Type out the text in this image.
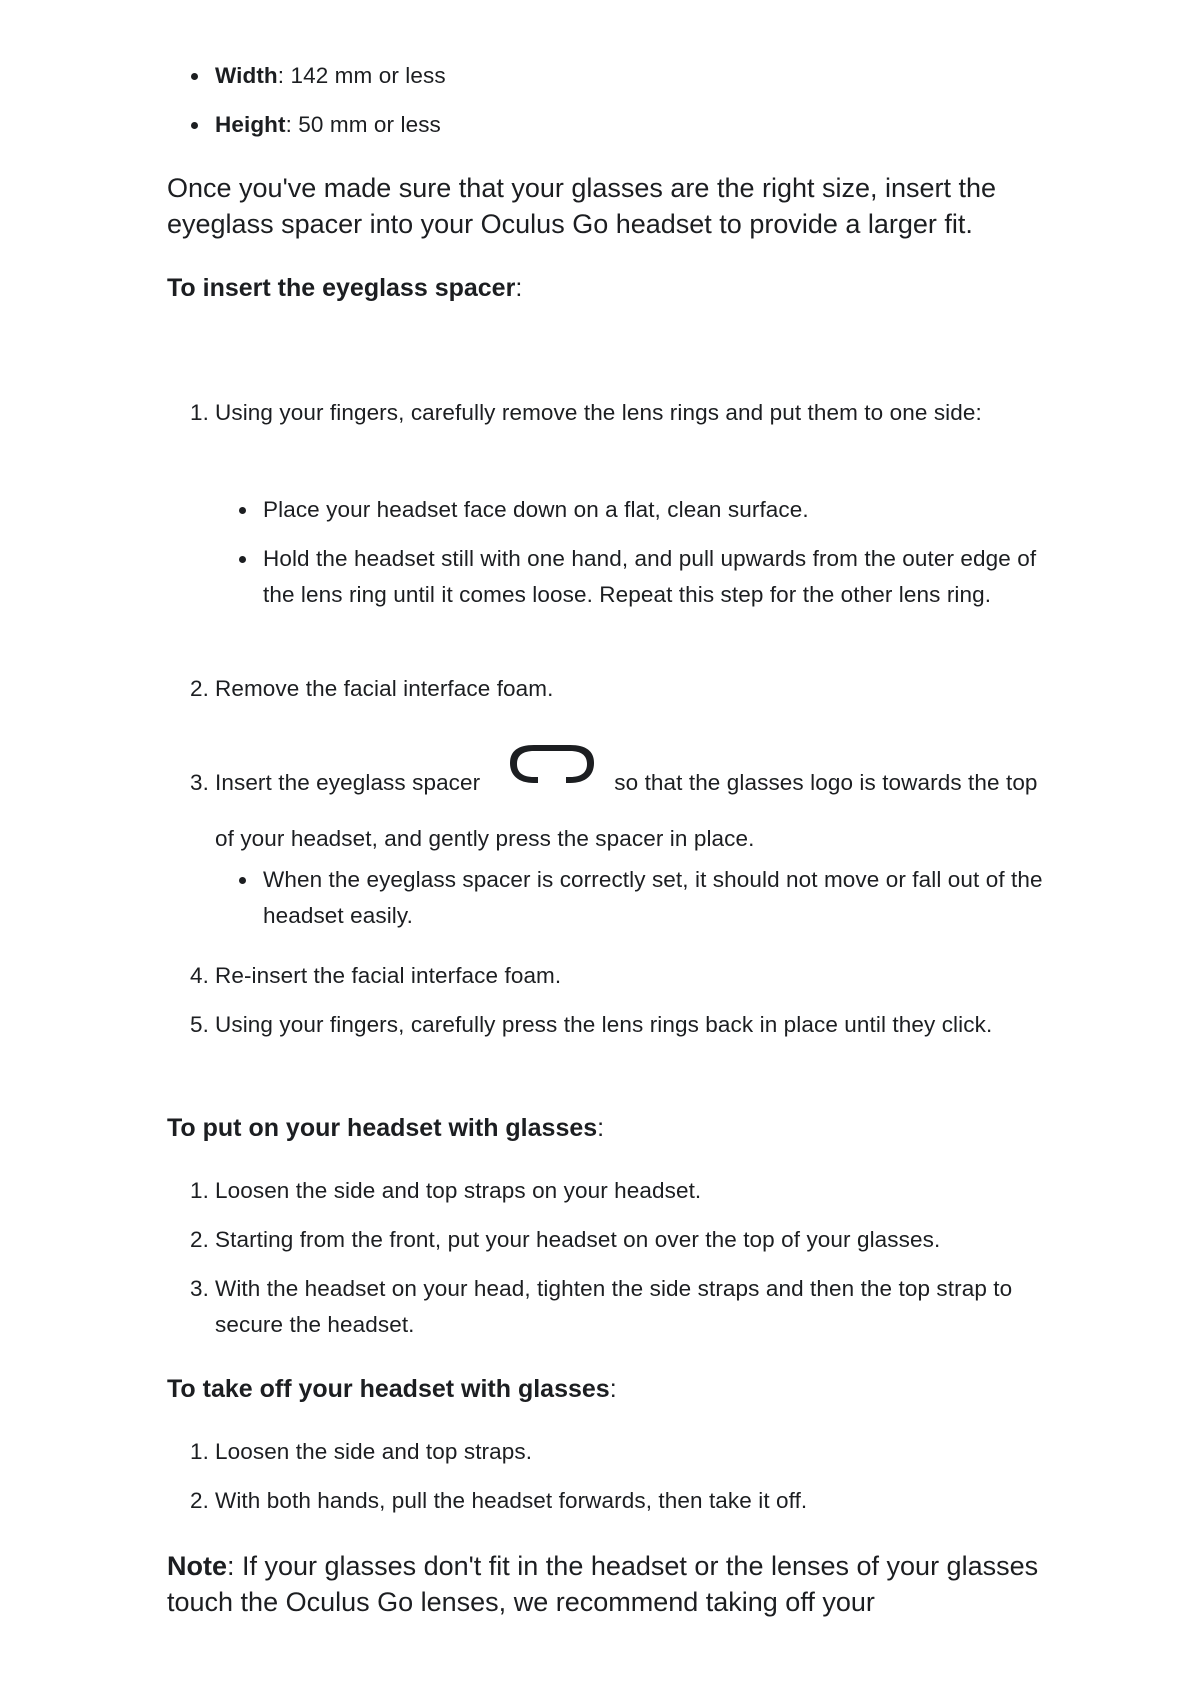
Width: 142 mm or less
Height: 50 mm or less

Once you've made sure that your glasses are the right size, insert the eyeglass spacer into your Oculus Go headset to provide a larger fit.

To insert the eyeglass spacer:
1. Using your fingers, carefully remove the lens rings and put them to one side:
Place your headset face down on a flat, clean surface.
Hold the headset still with one hand, and pull upwards from the outer edge of the lens ring until it comes loose. Repeat this step for the other lens ring.
2. Remove the facial interface foam.
3. Insert the eyeglass spacer	so that the glasses logo is towards the top of your headset, and gently press the spacer in place.
When the eyeglass spacer is correctly set, it should not move or fall out of the headset easily.
4. Re-insert the facial interface foam.
5. Using your fingers, carefully press the lens rings back in place until they click.
To put on your headset with glasses:
1. Loosen the side and top straps on your headset.
2. Starting from the front, put your headset on over the top of your glasses.
3. With the headset on your head, tighten the side straps and then the top strap to secure the headset.
To take off your headset with glasses:
1. Loosen the side and top straps.
2. With both hands, pull the headset forwards, then take it off.

Note: If your glasses don't fit in the headset or the lenses of your glasses touch the Oculus Go lenses, we recommend taking off your
